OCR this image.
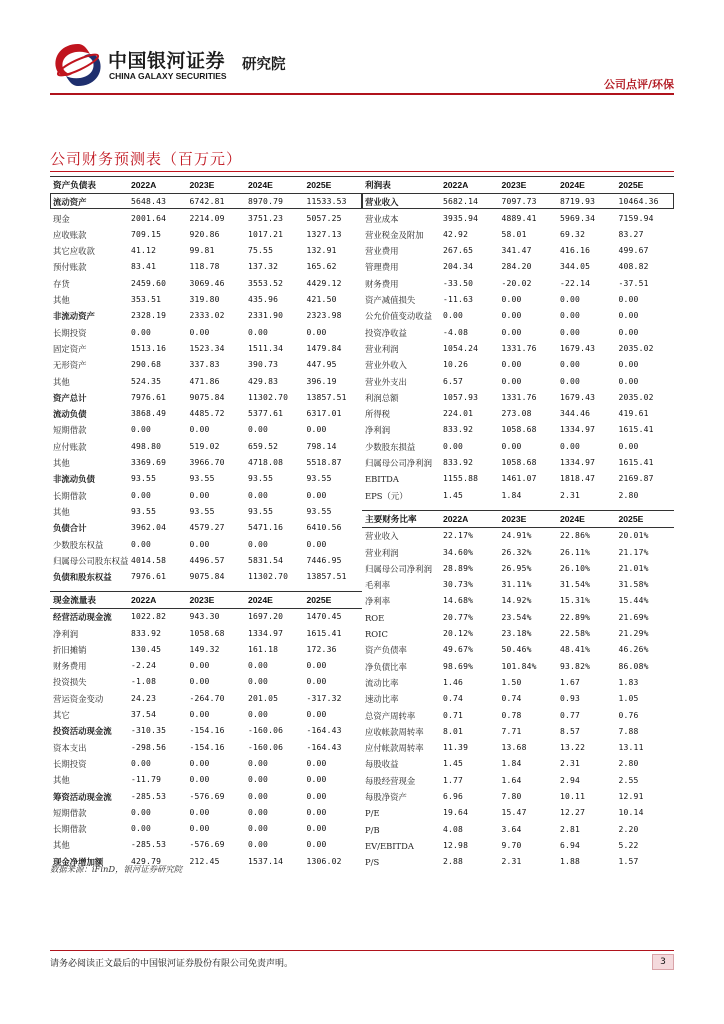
中国银河证券
CHINA GALAXY SECURITIES
研究院
公司点评/环保
公司财务预测表（百万元）
资产负债表	2022A	2023E	2024E	2025E
流动资产	5648.43	6742.81	8970.79	11533.53
现金	2001.64	2214.09	3751.23	5057.25
应收账款	709.15	920.86	1017.21	1327.13
其它应收款	41.12	99.81	75.55	132.91
预付账款	83.41	118.78	137.32	165.62
存货	2459.60	3069.46	3553.52	4429.12
其他	353.51	319.80	435.96	421.50
非流动资产	2328.19	2333.02	2331.90	2323.98
长期投资	0.00	0.00	0.00	0.00
固定资产	1513.16	1523.34	1511.34	1479.84
无形资产	290.68	337.83	390.73	447.95
其他	524.35	471.86	429.83	396.19
资产总计	7976.61	9075.84	11302.70	13857.51
流动负债	3868.49	4485.72	5377.61	6317.01
短期借款	0.00	0.00	0.00	0.00
应付账款	498.80	519.02	659.52	798.14
其他	3369.69	3966.70	4718.08	5518.87
非流动负债	93.55	93.55	93.55	93.55
长期借款	0.00	0.00	0.00	0.00
其他	93.55	93.55	93.55	93.55
负债合计	3962.04	4579.27	5471.16	6410.56
少数股东权益	0.00	0.00	0.00	0.00
归属母公司股东权益	4014.58	4496.57	5831.54	7446.95
负债和股东权益	7976.61	9075.84	11302.70	13857.51
利润表	2022A	2023E	2024E	2025E
营业收入	5682.14	7097.73	8719.93	10464.36
营业成本	3935.94	4889.41	5969.34	7159.94
营业税金及附加	42.92	58.01	69.32	83.27
营业费用	267.65	341.47	416.16	499.67
管理费用	204.34	284.20	344.05	408.82
财务费用	-33.50	-20.02	-22.14	-37.51
资产减值损失	-11.63	0.00	0.00	0.00
公允价值变动收益	0.00	0.00	0.00	0.00
投资净收益	-4.08	0.00	0.00	0.00
营业利润	1054.24	1331.76	1679.43	2035.02
营业外收入	10.26	0.00	0.00	0.00
营业外支出	6.57	0.00	0.00	0.00
利润总额	1057.93	1331.76	1679.43	2035.02
所得税	224.01	273.08	344.46	419.61
净利润	833.92	1058.68	1334.97	1615.41
少数股东损益	0.00	0.00	0.00	0.00
归属母公司净利润	833.92	1058.68	1334.97	1615.41
EBITDA	1155.88	1461.07	1818.47	2169.87
EPS（元）	1.45	1.84	2.31	2.80
主要财务比率	2022A	2023E	2024E	2025E
营业收入	22.17%	24.91%	22.86%	20.01%
营业利润	34.60%	26.32%	26.11%	21.17%
归属母公司净利润	28.89%	26.95%	26.10%	21.01%
毛利率	30.73%	31.11%	31.54%	31.58%
净利率	14.68%	14.92%	15.31%	15.44%
ROE	20.77%	23.54%	22.89%	21.69%
ROIC	20.12%	23.18%	22.58%	21.29%
资产负债率	49.67%	50.46%	48.41%	46.26%
净负债比率	98.69%	101.84%	93.82%	86.08%
流动比率	1.46	1.50	1.67	1.83
速动比率	0.74	0.74	0.93	1.05
总资产周转率	0.71	0.78	0.77	0.76
应收帐款周转率	8.01	7.71	8.57	7.88
应付帐款周转率	11.39	13.68	13.22	13.11
每股收益	1.45	1.84	2.31	2.80
每股经营现金	1.77	1.64	2.94	2.55
每股净资产	6.96	7.80	10.11	12.91
P/E	19.64	15.47	12.27	10.14
P/B	4.08	3.64	2.81	2.20
EV/EBITDA	12.98	9.70	6.94	5.22
P/S	2.88	2.31	1.88	1.57
现金流量表	2022A	2023E	2024E	2025E
经营活动现金流	1022.82	943.30	1697.20	1470.45
净利润	833.92	1058.68	1334.97	1615.41
折旧摊销	130.45	149.32	161.18	172.36
财务费用	-2.24	0.00	0.00	0.00
投资损失	-1.08	0.00	0.00	0.00
营运资金变动	24.23	-264.70	201.05	-317.32
其它	37.54	0.00	0.00	0.00
投资活动现金流	-310.35	-154.16	-160.06	-164.43
资本支出	-298.56	-154.16	-160.06	-164.43
长期投资	0.00	0.00	0.00	0.00
其他	-11.79	0.00	0.00	0.00
筹资活动现金流	-285.53	-576.69	0.00	0.00
短期借款	0.00	0.00	0.00	0.00
长期借款	0.00	0.00	0.00	0.00
其他	-285.53	-576.69	0.00	0.00
现金净增加额	429.79	212.45	1537.14	1306.02
数据来源：iFinD，银河证券研究院
请务必阅读正文最后的中国银河证券股份有限公司免责声明。	3
